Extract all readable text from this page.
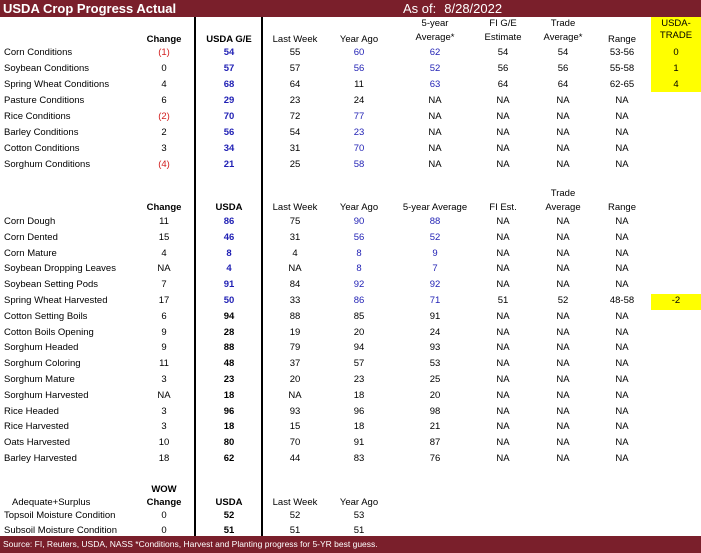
USDA Crop Progress Actual	As of: 8/28/2022
Change	USDA G/E	Last Week	Year Ago
5-year
Average*
FI G/E
Estimate
Trade
Average*	Range
USDA-
TRADE
Corn Conditions	(1)	54	55	60	62	54	54	53-56	0
Soybean Conditions	0	57	57	56	52	56	56	55-58	1
Spring Wheat Conditions	4	68	64	11	63	64	64	62-65	4
Pasture Conditions	6	29	23	24	NA	NA	NA	NA
Rice Conditions	(2)	70	72	77	NA	NA	NA	NA
Barley Conditions	2	56	54	23	NA	NA	NA	NA
Cotton Conditions	3	34	31	70	NA	NA	NA	NA
Sorghum Conditions	(4)	21	25	58	NA	NA	NA	NA
Change	USDA	Last Week	Year Ago	5-year Average	FI Est.
Trade
Average	Range
Corn Dough	11	86	75	90	88	NA	NA	NA
Corn Dented	15	46	31	56	52	NA	NA	NA
Corn Mature	4	8	4	8	9	NA	NA	NA
Soybean Dropping Leaves	NA	4	NA	8	7	NA	NA	NA
Soybean Setting Pods	7	91	84	92	92	NA	NA	NA
Spring Wheat Harvested	17	50	33	86	71	51	52	48-58	-2
Cotton Setting Boils	6	94	88	85	91	NA	NA	NA
Cotton Boils Opening	9	28	19	20	24	NA	NA	NA
Sorghum Headed	9	88	79	94	93	NA	NA	NA
Sorghum Coloring	11	48	37	57	53	NA	NA	NA
Sorghum Mature	3	23	20	23	25	NA	NA	NA
Sorghum Harvested	NA	18	NA	18	20	NA	NA	NA
Rice Headed	3	96	93	96	98	NA	NA	NA
Rice Harvested	3	18	15	18	21	NA	NA	NA
Oats Harvested	10	80	70	91	87	NA	NA	NA
Barley Harvested	18	62	44	83	76	NA	NA	NA
WOW
Change	USDA	Last Week	Year Ago
Adequate+Surplus
Topsoil Moisture Condition	0	52	52	53
Subsoil Moisture Condition	0	51	51	51
Source: FI, Reuters, USDA, NASS *Conditions, Harvest and Planting progress for 5-YR best guess.
